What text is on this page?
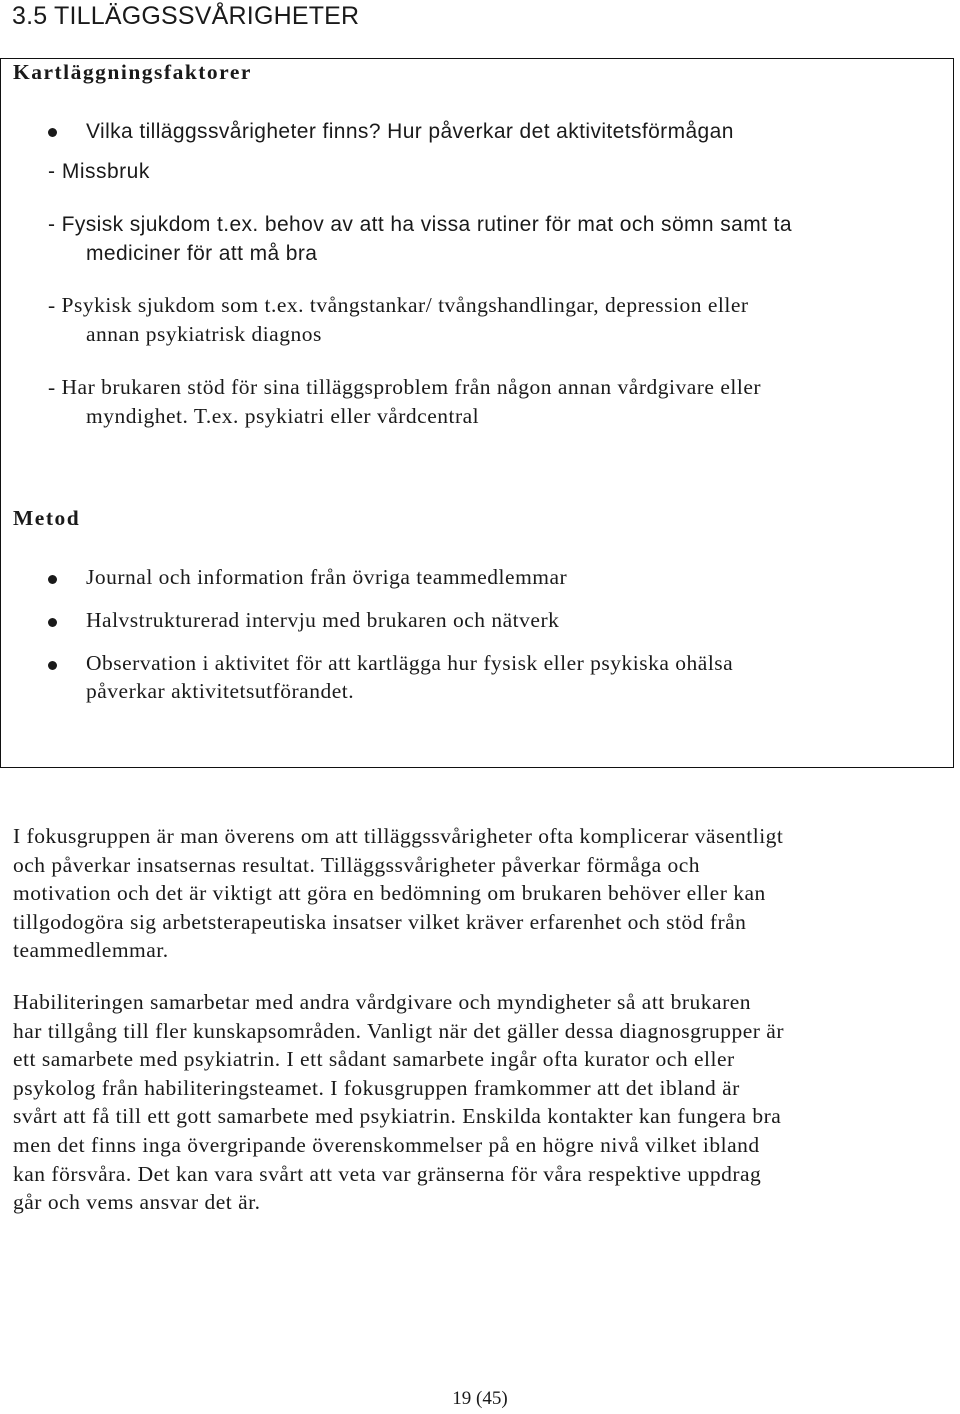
3.5 TILLÄGGSSVÅRIGHETER
Kartläggningsfaktorer
Vilka tilläggssvårigheter finns? Hur påverkar det aktivitetsförmågan
- Missbruk
- Fysisk sjukdom t.ex. behov av att ha vissa rutiner för mat och sömn samt ta
mediciner för att må bra
- Psykisk sjukdom som t.ex. tvångstankar/ tvångshandlingar, depression eller
annan psykiatrisk diagnos
- Har brukaren stöd för sina tilläggsproblem från någon annan vårdgivare eller
myndighet. T.ex. psykiatri eller vårdcentral
Metod
Journal och information från övriga teammedlemmar
Halvstrukturerad intervju med brukaren och nätverk
Observation i aktivitet för att kartlägga hur fysisk eller psykiska ohälsa
påverkar aktivitetsutförandet.
I fokusgruppen är man överens om att tilläggssvårigheter ofta komplicerar väsentligt
och påverkar insatsernas resultat. Tilläggssvårigheter påverkar förmåga och
motivation och det är viktigt att göra en bedömning om brukaren behöver eller kan
tillgodogöra sig arbetsterapeutiska insatser vilket kräver erfarenhet och stöd från
teammedlemmar.
Habiliteringen samarbetar med andra vårdgivare och myndigheter så att brukaren
har tillgång till fler kunskapsområden. Vanligt när det gäller dessa diagnosgrupper är
ett samarbete med psykiatrin. I ett sådant samarbete ingår ofta kurator och eller
psykolog från habiliteringsteamet. I fokusgruppen framkommer att det ibland är
svårt att få till ett gott samarbete med psykiatrin. Enskilda kontakter kan fungera bra
men det finns inga övergripande överenskommelser på en högre nivå vilket ibland
kan försvåra. Det kan vara svårt att veta var gränserna för våra respektive uppdrag
går och vems ansvar det är.
19 (45)
